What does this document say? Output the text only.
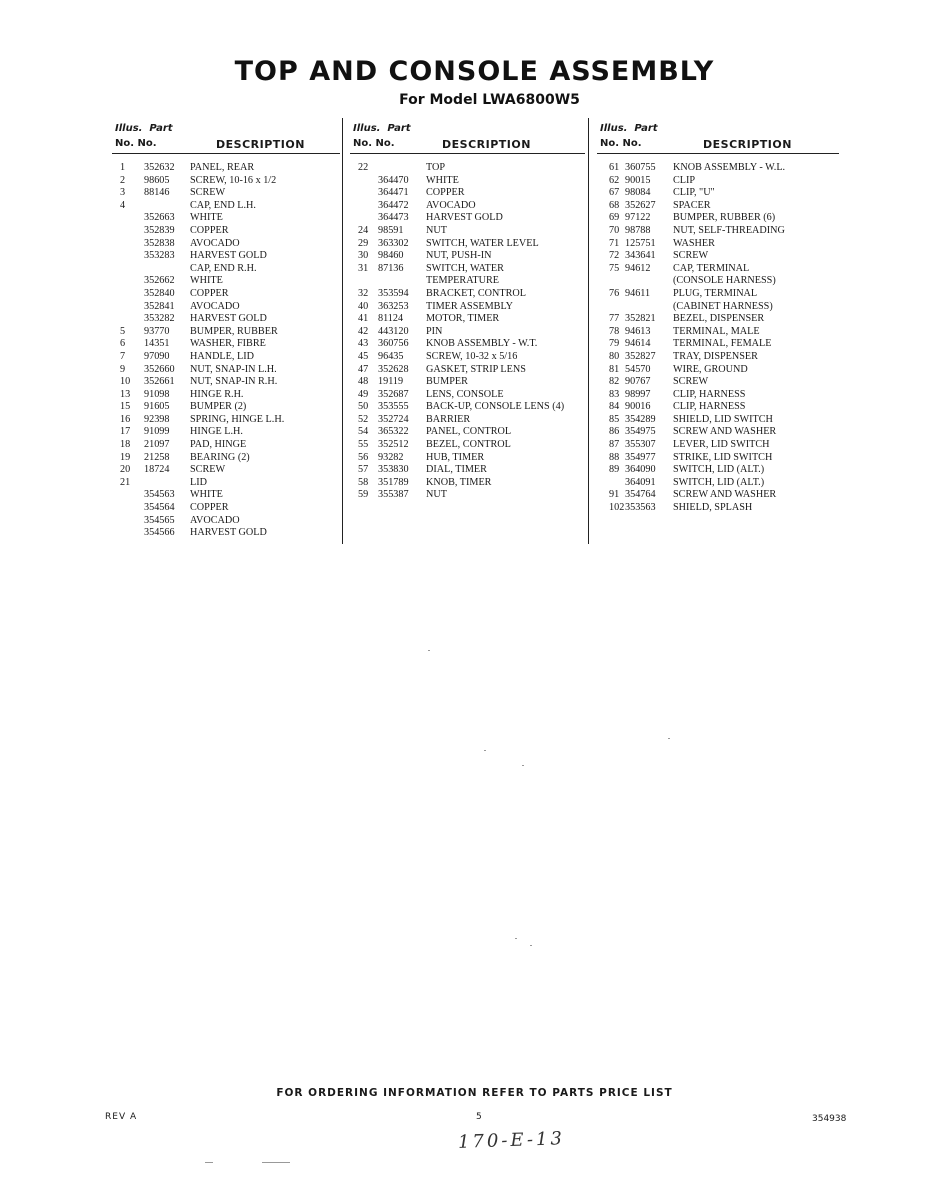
TOP AND CONSOLE ASSEMBLY
For Model LWA6800W5
Illus. Part
No. No.	DESCRIPTION
1	352632	PANEL, REAR
2	98605	SCREW, 10-16 x 1/2
3	88146	SCREW
4	CAP, END L.H.
352663	WHITE
352839	COPPER
352838	AVOCADO
353283	HARVEST GOLD
CAP, END R.H.
352662	WHITE
352840	COPPER
352841	AVOCADO
353282	HARVEST GOLD
5	93770	BUMPER, RUBBER
6	14351	WASHER, FIBRE
7	97090	HANDLE, LID
9	352660	NUT, SNAP-IN L.H.
10	352661	NUT, SNAP-IN R.H.
13	91098	HINGE R.H.
15	91605	BUMPER (2)
16	92398	SPRING, HINGE L.H.
17	91099	HINGE L.H.
18	21097	PAD, HINGE
19	21258	BEARING (2)
20	18724	SCREW
21	LID
354563	WHITE
354564	COPPER
354565	AVOCADO
354566	HARVEST GOLD
Illus. Part
No. No.	DESCRIPTION
22	TOP
364470	WHITE
364471	COPPER
364472	AVOCADO
364473	HARVEST GOLD
24 98591	NUT
29 363302	SWITCH, WATER LEVEL
30 98460	NUT, PUSH-IN
31 87136	SWITCH, WATER
TEMPERATURE
32 353594	BRACKET, CONTROL
40 363253	TIMER ASSEMBLY
41 81124	MOTOR, TIMER
42 443120	PIN
43 360756	KNOB ASSEMBLY - W.T.
45 96435	SCREW, 10-32 x 5/16
47 352628	GASKET, STRIP LENS
48 19119	BUMPER
49 352687	LENS, CONSOLE
50 353555	BACK-UP, CONSOLE LENS (4)
52 352724	BARRIER
54 365322	PANEL, CONTROL
55 352512	BEZEL, CONTROL
56 93282	HUB, TIMER
57 353830	DIAL, TIMER
58 351789	KNOB, TIMER
59 355387	NUT
Illus. Part
No. No.	DESCRIPTION
61 360755	KNOB ASSEMBLY - W.L.
62 90015	CLIP
67 98084	CLIP, "U"
68 352627	SPACER
69 97122	BUMPER, RUBBER (6)
70 98788	NUT, SELF-THREADING
71 125751	WASHER
72 343641	SCREW
75 94612	CAP, TERMINAL
(CONSOLE HARNESS)
76 94611	PLUG, TERMINAL
(CABINET HARNESS)
77 352821	BEZEL, DISPENSER
78 94613	TERMINAL, MALE
79 94614	TERMINAL, FEMALE
80 352827	TRAY, DISPENSER
81 54570	WIRE, GROUND
82 90767	SCREW
83 98997	CLIP, HARNESS
84 90016	CLIP, HARNESS
85 354289	SHIELD, LID SWITCH
86 354975	SCREW AND WASHER
87 355307	LEVER, LID SWITCH
88 354977	STRIKE, LID SWITCH
89 364090	SWITCH, LID (ALT.)
364091	SWITCH, LID (ALT.)
91 354764	SCREW AND WASHER
102 353563	SHIELD, SPLASH
FOR ORDERING INFORMATION REFER TO PARTS PRICE LIST
REV A	5	354938
170-E-13
